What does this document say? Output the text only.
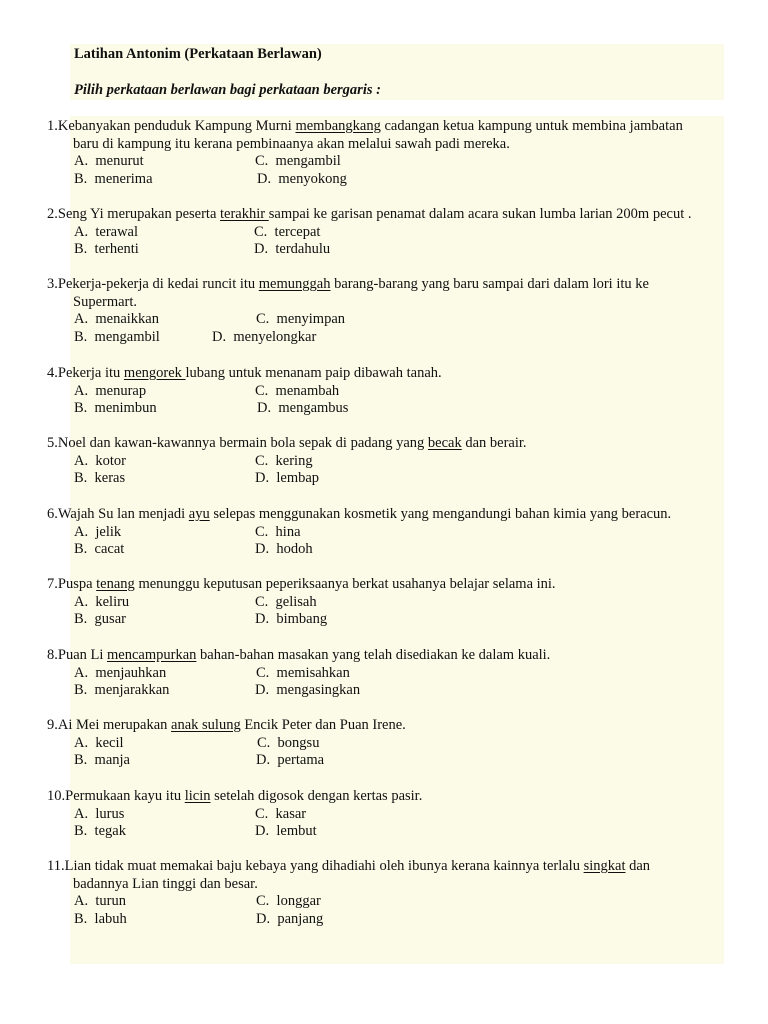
Latihan Antonim (Perkataan Berlawan)
Pilih perkataan berlawan bagi perkataan bergaris :

1.Kebanyakan penduduk Kampung Murni membangkang cadangan ketua kampung untuk membina jambatan

baru di kampung itu kerana pembinaanya akan melalui sawah padi mereka.

A.  menurut	C.  mengambil
B.  menerima	D.  menyokong

2.Seng Yi merupakan peserta terakhir sampai ke garisan penamat dalam acara sukan lumba larian 200m pecut .

A.  terawal	C.  tercepat
B.  terhenti	D.  terdahulu

3.Pekerja-pekerja di kedai runcit itu memunggah barang-barang yang baru sampai dari dalam lori itu ke

Supermart.

A.  menaikkan	C.  menyimpan
B.  mengambil	D.  menyelongkar

4.Pekerja itu mengorek lubang untuk menanam paip dibawah tanah.

A.  menurap	C.  menambah
B.  menimbun	D.  mengambus

5.Noel dan kawan-kawannya bermain bola sepak di padang yang becak dan berair.

A.  kotor	C.  kering
B.  keras	D.  lembap

6.Wajah Su lan menjadi ayu selepas menggunakan kosmetik yang mengandungi bahan kimia yang beracun.

A.  jelik	C.  hina
B.  cacat	D.  hodoh

7.Puspa tenang menunggu keputusan peperiksaanya berkat usahanya belajar selama ini.

A.  keliru	C.  gelisah
B.  gusar	D.  bimbang

8.Puan Li mencampurkan bahan-bahan masakan yang telah disediakan ke dalam kuali.

A.  menjauhkan	C.  memisahkan
B.  menjarakkan	D.  mengasingkan

9.Ai Mei merupakan anak sulung Encik Peter dan Puan Irene.

A.  kecil	C.  bongsu
B.  manja	D.  pertama

10.Permukaan kayu itu licin setelah digosok dengan kertas pasir.

A.  lurus	C.  kasar
B.  tegak	D.  lembut

11.Lian tidak muat memakai baju kebaya yang dihadiahi oleh ibunya kerana kainnya terlalu singkat dan

badannya Lian tinggi dan besar.

A.  turun	C.  longgar
B.  labuh	D.  panjang
